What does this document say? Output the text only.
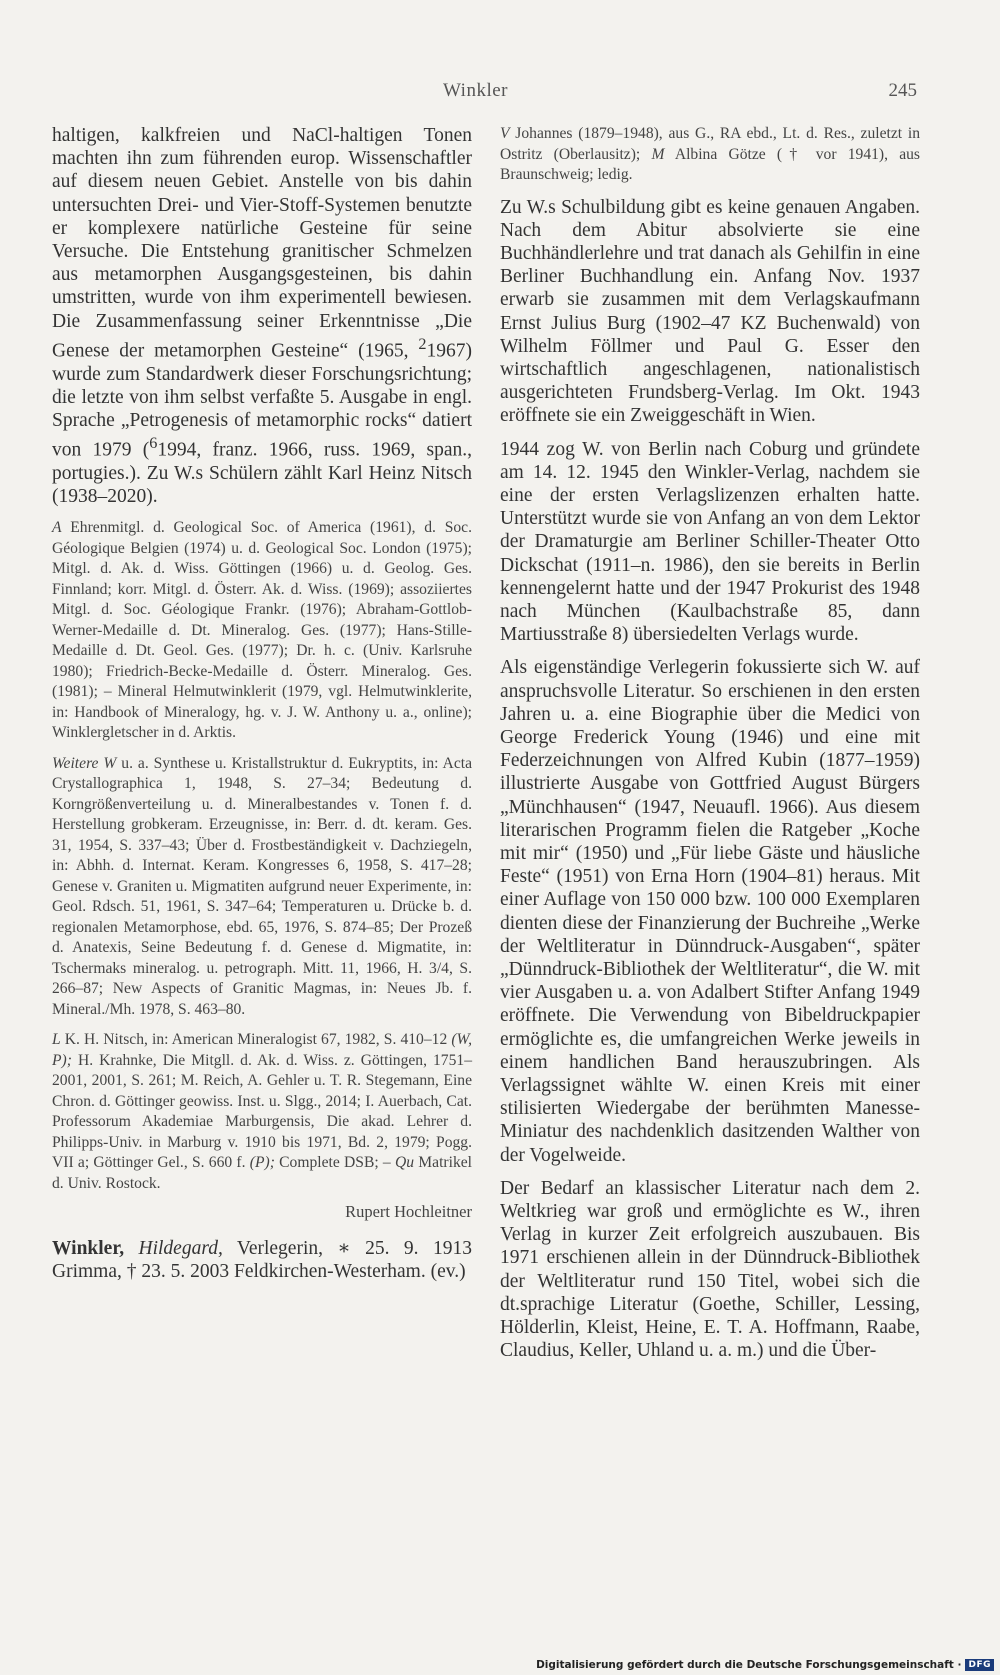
Winkler	245

haltigen, kalkfreien und NaCl-haltigen Tonen machten ihn zum führenden europ. Wissenschaftler auf diesem neuen Gebiet. Anstelle von bis dahin untersuchten Drei- und Vier-Stoff-Systemen benutzte er komplexere natürliche Gesteine für seine Versuche. Die Entstehung granitischer Schmelzen aus metamorphen Ausgangsgesteinen, bis dahin umstritten, wurde von ihm experimentell bewiesen. Die Zusammenfassung seiner Erkenntnisse „Die Genese der metamorphen Gesteine“ (1965, $^2$1967) wurde zum Standardwerk dieser Forschungsrichtung; die letzte von ihm selbst verfaßte 5. Ausgabe in engl. Sprache „Petrogenesis of metamorphic rocks“ datiert von 1979 ($^6$1994, franz. 1966, russ. 1969, span., portugies.). Zu W.s Schülern zählt Karl Heinz Nitsch (1938–2020).

A Ehrenmitgl. d. Geological Soc. of America (1961), d. Soc. Géologique Belgien (1974) u. d. Geological Soc. London (1975); Mitgl. d. Ak. d. Wiss. Göttingen (1966) u. d. Geolog. Ges. Finnland; korr. Mitgl. d. Österr. Ak. d. Wiss. (1969); assoziiertes Mitgl. d. Soc. Géologique Frankr. (1976); Abraham-Gottlob-Werner-Medaille d. Dt. Mineralog. Ges. (1977); Hans-Stille-Medaille d. Dt. Geol. Ges. (1977); Dr. h. c. (Univ. Karlsruhe 1980); Friedrich-Becke-Medaille d. Österr. Mineralog. Ges. (1981); – Mineral Helmutwinklerit (1979, vgl. Helmutwinklerite, in: Handbook of Mineralogy, hg. v. J. W. Anthony u. a., online); Winklergletscher in d. Arktis.

Weitere W u. a. Synthese u. Kristallstruktur d. Eukryptits, in: Acta Crystallographica 1, 1948, S. 27–34; Bedeutung d. Korngrößenverteilung u. d. Mineralbestandes v. Tonen f. d. Herstellung grobkeram. Erzeugnisse, in: Berr. d. dt. keram. Ges. 31, 1954, S. 337–43; Über d. Frostbeständigkeit v. Dachziegeln, in: Abhh. d. Internat. Keram. Kongresses 6, 1958, S. 417–28; Genese v. Graniten u. Migmatiten aufgrund neuer Experimente, in: Geol. Rdsch. 51, 1961, S. 347–64; Temperaturen u. Drücke b. d. regionalen Metamorphose, ebd. 65, 1976, S. 874–85; Der Prozeß d. Anatexis, Seine Bedeutung f. d. Genese d. Migmatite, in: Tschermaks mineralog. u. petrograph. Mitt. 11, 1966, H. 3/4, S. 266–87; New Aspects of Granitic Magmas, in: Neues Jb. f. Mineral./Mh. 1978, S. 463–80.

L K. H. Nitsch, in: American Mineralogist 67, 1982, S. 410–12 (W, P); H. Krahnke, Die Mitgll. d. Ak. d. Wiss. z. Göttingen, 1751–2001, 2001, S. 261; M. Reich, A. Gehler u. T. R. Stegemann, Eine Chron. d. Göttinger geowiss. Inst. u. Slgg., 2014; I. Auerbach, Cat. Professorum Akademiae Marburgensis, Die akad. Lehrer d. Philipps-Univ. in Marburg v. 1910 bis 1971, Bd. 2, 1979; Pogg. VII a; Göttinger Gel., S. 660 f. (P); Complete DSB; – Qu Matrikel d. Univ. Rostock.

Rupert Hochleitner

Winkler, Hildegard, Verlegerin, ∗ 25. 9. 1913 Grimma, † 23. 5. 2003 Feldkirchen-Westerham. (ev.)

V Johannes (1879–1948), aus G., RA ebd., Lt. d. Res., zuletzt in Ostritz (Oberlausitz); M Albina Götze († vor 1941), aus Braunschweig; ledig.

Zu W.s Schulbildung gibt es keine genauen Angaben. Nach dem Abitur absolvierte sie eine Buchhändlerlehre und trat danach als Gehilfin in eine Berliner Buchhandlung ein. Anfang Nov. 1937 erwarb sie zusammen mit dem Verlagskaufmann Ernst Julius Burg (1902–47 KZ Buchenwald) von Wilhelm Föllmer und Paul G. Esser den wirtschaftlich angeschlagenen, nationalistisch ausgerichteten Frundsberg-Verlag. Im Okt. 1943 eröffnete sie ein Zweiggeschäft in Wien.

1944 zog W. von Berlin nach Coburg und gründete am 14. 12. 1945 den Winkler-Verlag, nachdem sie eine der ersten Verlagslizenzen erhalten hatte. Unterstützt wurde sie von Anfang an von dem Lektor der Dramaturgie am Berliner Schiller-Theater Otto Dickschat (1911–n. 1986), den sie bereits in Berlin kennengelernt hatte und der 1947 Prokurist des 1948 nach München (Kaulbachstraße 85, dann Martiusstraße 8) übersiedelten Verlags wurde.

Als eigenständige Verlegerin fokussierte sich W. auf anspruchsvolle Literatur. So erschienen in den ersten Jahren u. a. eine Biographie über die Medici von George Frederick Young (1946) und eine mit Federzeichnungen von Alfred Kubin (1877–1959) illustrierte Ausgabe von Gottfried August Bürgers „Münchhausen“ (1947, Neuaufl. 1966). Aus diesem literarischen Programm fielen die Ratgeber „Koche mit mir“ (1950) und „Für liebe Gäste und häusliche Feste“ (1951) von Erna Horn (1904–81) heraus. Mit einer Auflage von 150 000 bzw. 100 000 Exemplaren dienten diese der Finanzierung der Buchreihe „Werke der Weltliteratur in Dünndruck-Ausgaben“, später „Dünndruck-Bibliothek der Weltliteratur“, die W. mit vier Ausgaben u. a. von Adalbert Stifter Anfang 1949 eröffnete. Die Verwendung von Bibeldruckpapier ermöglichte es, die umfangreichen Werke jeweils in einem handlichen Band herauszubringen. Als Verlagssignet wählte W. einen Kreis mit einer stilisierten Wiedergabe der berühmten Manesse-Miniatur des nachdenklich dasitzenden Walther von der Vogelweide.

Der Bedarf an klassischer Literatur nach dem 2. Weltkrieg war groß und ermöglichte es W., ihren Verlag in kurzer Zeit erfolgreich auszubauen. Bis 1971 erschienen allein in der Dünndruck-Bibliothek der Weltliteratur rund 150 Titel, wobei sich die dt.sprachige Literatur (Goethe, Schiller, Lessing, Hölderlin, Kleist, Heine, E. T. A. Hoffmann, Raabe, Claudius, Keller, Uhland u. a. m.) und die Über-

Digitalisierung gefördert durch die Deutsche Forschungsgemeinschaft · DFG
